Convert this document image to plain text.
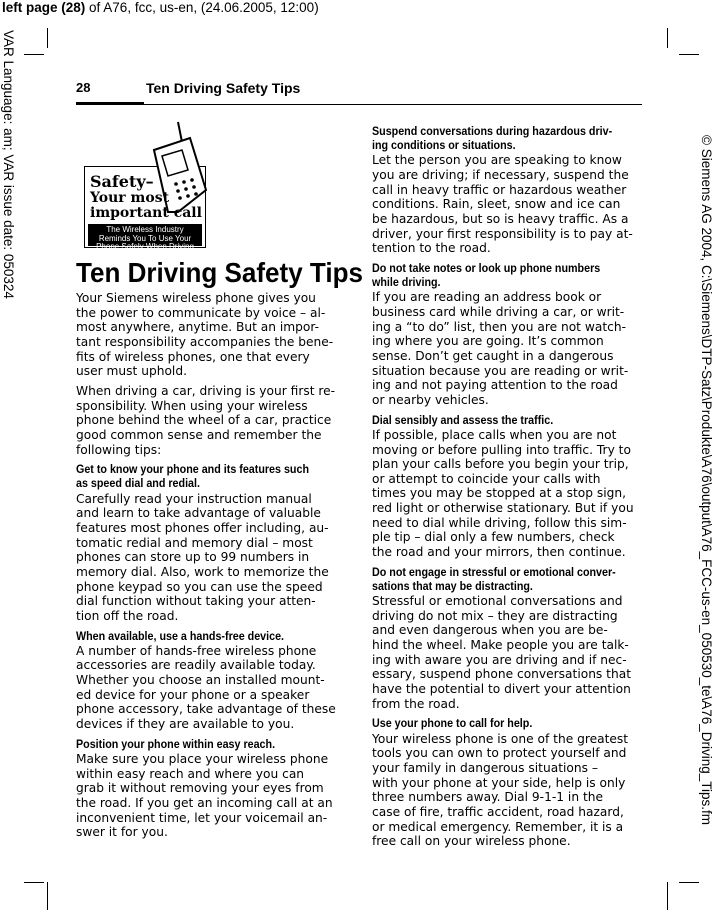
left page (28) of A76, fcc, us-en, (24.06.2005, 12:00)
VAR Language: am; VAR issue date: 050324	© Siemens AG 2004, C:\Siemens\DTP-Satz\Produkte\A76\output\A76_FCC-us-en_050530_te\A76_Driving_Tips.fm
28	Ten Driving Safety Tips
Safety–
Your most
important call
The Wireless Industry
Reminds You To Use Your
Phone Safely When Driving
Ten Driving Safety Tips
Your Siemens wireless phone gives you
the power to communicate by voice – al-
most anywhere, anytime. But an impor-
tant responsibility accompanies the bene-
fits of wireless phones, one that every
user must uphold.
When driving a car, driving is your first re-
sponsibility. When using your wireless
phone behind the wheel of a car, practice
good common sense and remember the
following tips:
Get to know your phone and its features such
as speed dial and redial.
Carefully read your instruction manual
and learn to take advantage of valuable
features most phones offer including, au-
tomatic redial and memory dial – most
phones can store up to 99 numbers in
memory dial. Also, work to memorize the
phone keypad so you can use the speed
dial function without taking your atten-
tion off the road.
When available, use a hands-free device.
A number of hands-free wireless phone
accessories are readily available today.
Whether you choose an installed mount-
ed device for your phone or a speaker
phone accessory, take advantage of these
devices if they are available to you.
Position your phone within easy reach.
Make sure you place your wireless phone
within easy reach and where you can
grab it without removing your eyes from
the road. If you get an incoming call at an
inconvenient time, let your voicemail an-
swer it for you.
Suspend conversations during hazardous driv-
ing conditions or situations.
Let the person you are speaking to know
you are driving; if necessary, suspend the
call in heavy traffic or hazardous weather
conditions. Rain, sleet, snow and ice can
be hazardous, but so is heavy traffic. As a
driver, your first responsibility is to pay at-
tention to the road.
Do not take notes or look up phone numbers
while driving.
If you are reading an address book or
business card while driving a car, or writ-
ing a “to do” list, then you are not watch-
ing where you are going. It’s common
sense. Don’t get caught in a dangerous
situation because you are reading or writ-
ing and not paying attention to the road
or nearby vehicles.
Dial sensibly and assess the traffic.
If possible, place calls when you are not
moving or before pulling into traffic. Try to
plan your calls before you begin your trip,
or attempt to coincide your calls with
times you may be stopped at a stop sign,
red light or otherwise stationary. But if you
need to dial while driving, follow this sim-
ple tip – dial only a few numbers, check
the road and your mirrors, then continue.
Do not engage in stressful or emotional conver-
sations that may be distracting.
Stressful or emotional conversations and
driving do not mix – they are distracting
and even dangerous when you are be-
hind the wheel. Make people you are talk-
ing with aware you are driving and if nec-
essary, suspend phone conversations that
have the potential to divert your attention
from the road.
Use your phone to call for help.
Your wireless phone is one of the greatest
tools you can own to protect yourself and
your family in dangerous situations –
with your phone at your side, help is only
three numbers away. Dial 9-1-1 in the
case of fire, traffic accident, road hazard,
or medical emergency. Remember, it is a
free call on your wireless phone.
